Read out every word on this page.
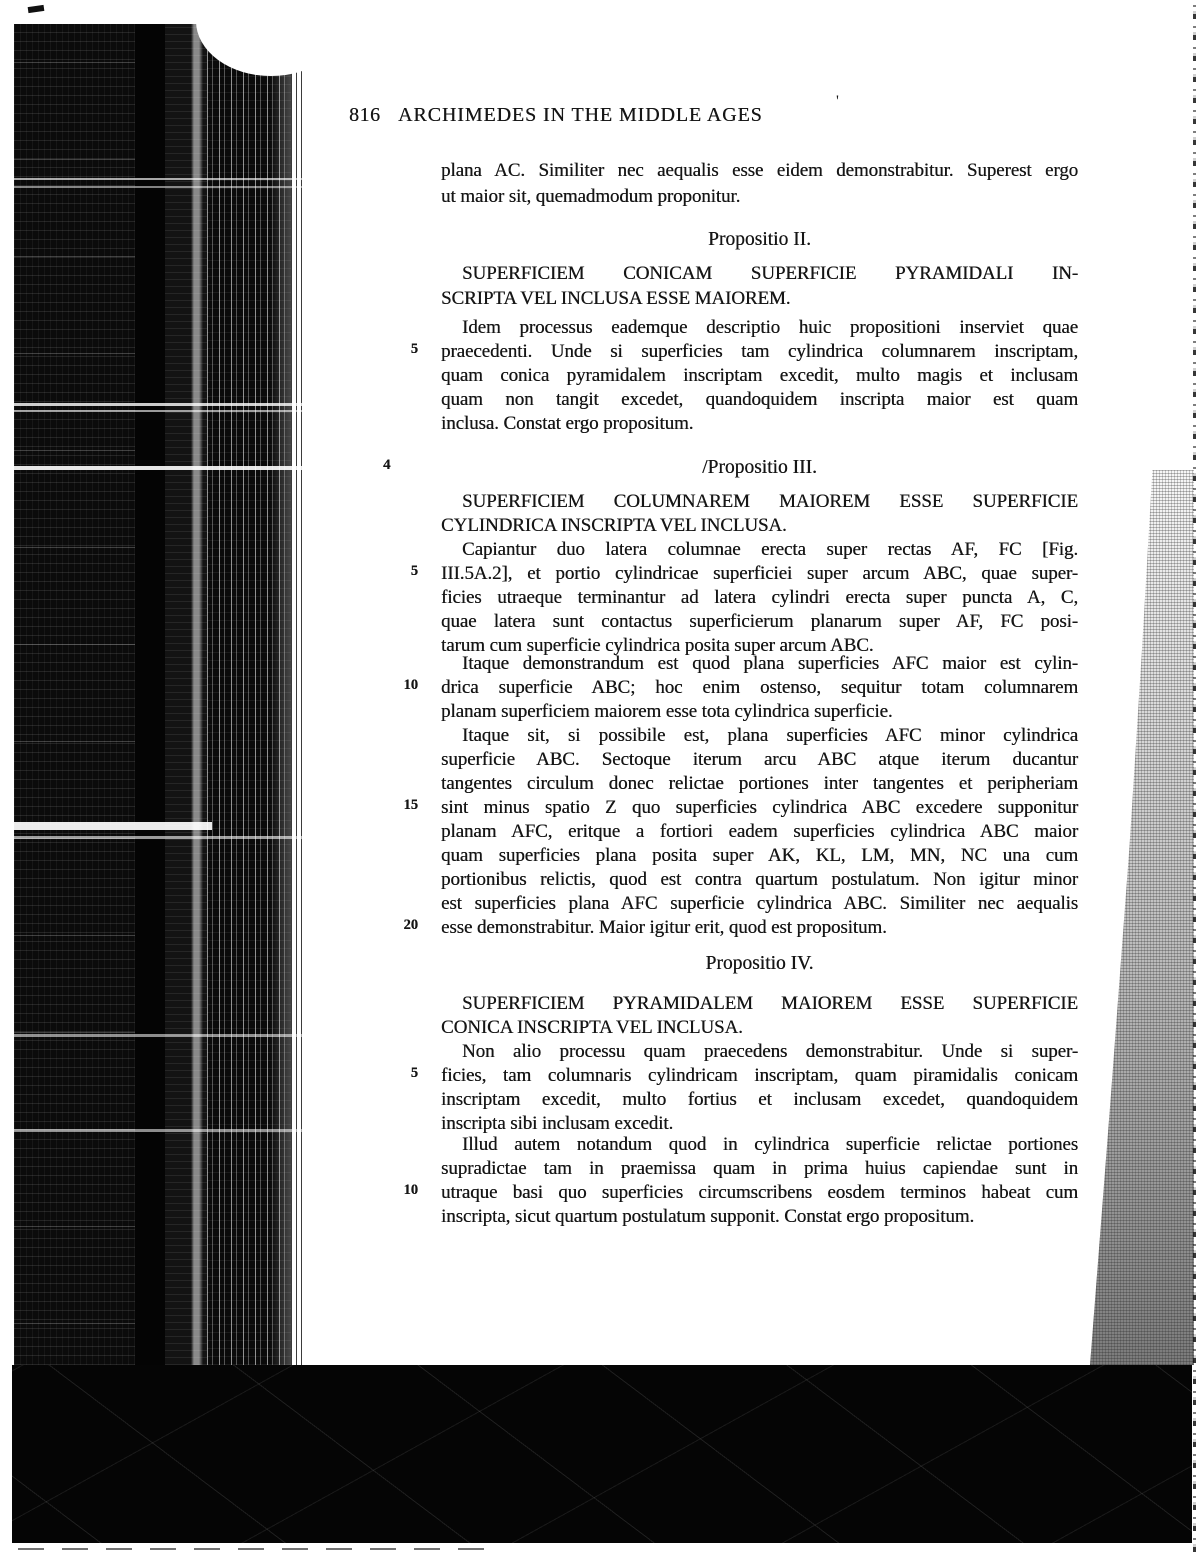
816 ARCHIMEDES IN THE MIDDLE AGES
'
plana AC. Similiter nec aequalis esse eidem demonstrabitur. Superest ergo
ut maior sit, quemadmodum proponitur.
Propositio II.
SUPERFICIEM CONICAM SUPERFICIE PYRAMIDALI IN-
SCRIPTA VEL INCLUSA ESSE MAIOREM.
Idem processus eademque descriptio huic propositioni inserviet quae
praecedenti. Unde si superficies tam cylindrica columnarem inscriptam,
quam conica pyramidalem inscriptam excedit, multo magis et inclusam
quam non tangit excedet, quandoquidem inscripta maior est quam
inclusa. Constat ergo propositum.
/Propositio III.
SUPERFICIEM COLUMNAREM MAIOREM ESSE SUPERFICIE
CYLINDRICA INSCRIPTA VEL INCLUSA.
Capiantur duo latera columnae erecta super rectas AF, FC [Fig.
III.5A.2], et portio cylindricae superficiei super arcum ABC, quae super-
ficies utraeque terminantur ad latera cylindri erecta super puncta A, C,
quae latera sunt contactus superficierum planarum super AF, FC posi-
tarum cum superficie cylindrica posita super arcum ABC.
Itaque demonstrandum est quod plana superficies AFC maior est cylin-
drica superficie ABC; hoc enim ostenso, sequitur totam columnarem
planam superficiem maiorem esse tota cylindrica superficie.
Itaque sit, si possibile est, plana superficies AFC minor cylindrica
superficie ABC. Sectoque iterum arcu ABC atque iterum ducantur
tangentes circulum donec relictae portiones inter tangentes et peripheriam
sint minus spatio Z quo superficies cylindrica ABC excedere supponitur
planam AFC, eritque a fortiori eadem superficies cylindrica ABC maior
quam superficies plana posita super AK, KL, LM, MN, NC una cum
portionibus relictis, quod est contra quartum postulatum. Non igitur minor
est superficies plana AFC superficie cylindrica ABC. Similiter nec aequalis
esse demonstrabitur. Maior igitur erit, quod est propositum.
Propositio IV.
SUPERFICIEM PYRAMIDALEM MAIOREM ESSE SUPERFICIE
CONICA INSCRIPTA VEL INCLUSA.
Non alio processu quam praecedens demonstrabitur. Unde si super-
ficies, tam columnaris cylindricam inscriptam, quam piramidalis conicam
inscriptam excedit, multo fortius et inclusam excedet, quandoquidem
inscripta sibi inclusam excedit.
Illud autem notandum quod in cylindrica superficie relictae portiones
supradictae tam in praemissa quam in prima huius capiendae sunt in
utraque basi quo superficies circumscribens eosdem terminos habeat cum
inscripta, sicut quartum postulatum supponit. Constat ergo propositum.
5
4
5
10
15
20
5
10
